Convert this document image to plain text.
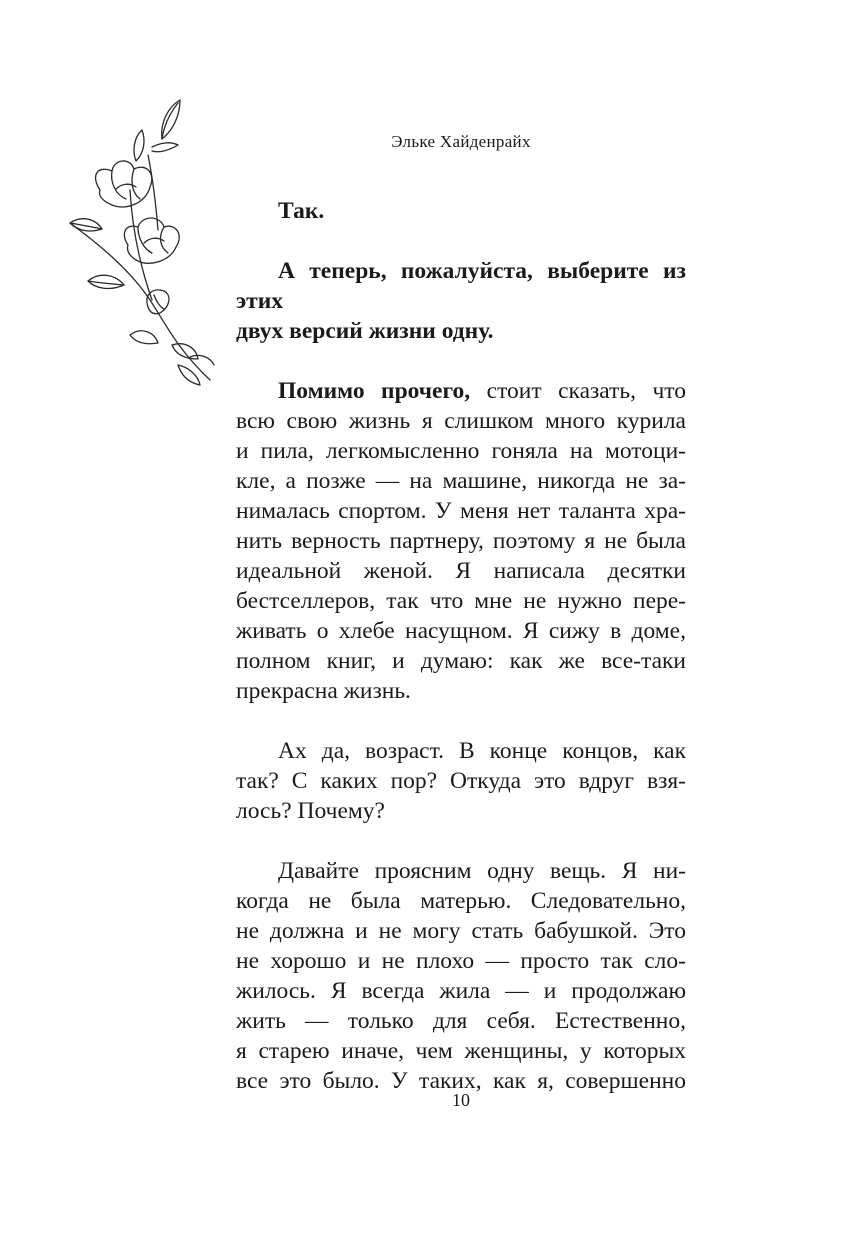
Эльке Хайденрайх

Так.

А теперь, пожалуйста, выберите из этих
двух версий жизни одну.

Помимо прочего, стоит сказать, что
всю свою жизнь я слишком много курила
и пила, легкомысленно гоняла на мотоци-
кле, а позже — на машине, никогда не за-
нималась спортом. У меня нет таланта хра-
нить верность партнеру, поэтому я не была
идеальной женой. Я написала десятки
бестселлеров, так что мне не нужно пере-
живать о хлебе насущном. Я сижу в доме,
полном книг, и думаю: как же все-таки
прекрасна жизнь.

Ах да, возраст. В конце концов, как
так? С каких пор? Откуда это вдруг взя-
лось? Почему?

Давайте проясним одну вещь. Я ни-
когда не была матерью. Следовательно,
не должна и не могу стать бабушкой. Это
не хорошо и не плохо — просто так сло-
жилось. Я всегда жила — и продолжаю
жить — только для себя. Естественно,
я старею иначе, чем женщины, у которых
все это было. У таких, как я, совершенно

10
